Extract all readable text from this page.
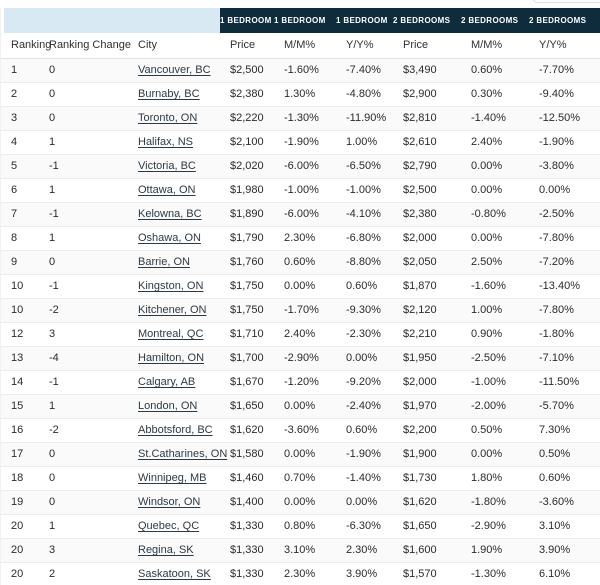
			1 BEDROOM	1 BEDROOM	1 BEDROOM	2 BEDROOMS	2 BEDROOMS	2 BEDROOMS
Ranking	Ranking Change	City	Price	M/M%	Y/Y%	Price	M/M%	Y/Y%
1	0	Vancouver, BC	$2,500	-1.60%	-7.40%	$3,490	0.60%	-7.70%
2	0	Burnaby, BC	$2,380	1.30%	-4.80%	$2,900	0.30%	-9.40%
3	0	Toronto, ON	$2,220	-1.30%	-11.90%	$2,810	-1.40%	-12.50%
4	1	Halifax, NS	$2,100	-1.90%	1.00%	$2,610	2.40%	-1.90%
5	-1	Victoria, BC	$2,020	-6.00%	-6.50%	$2,790	0.00%	-3.80%
6	1	Ottawa, ON	$1,980	-1.00%	-1.00%	$2,500	0.00%	0.00%
7	-1	Kelowna, BC	$1,890	-6.00%	-4.10%	$2,380	-0.80%	-2.50%
8	1	Oshawa, ON	$1,790	2.30%	-6.80%	$2,000	0.00%	-7.80%
9	0	Barrie, ON	$1,760	0.60%	-8.80%	$2,050	2.50%	-7.20%
10	-1	Kingston, ON	$1,750	0.00%	0.60%	$1,870	-1.60%	-13.40%
10	-2	Kitchener, ON	$1,750	-1.70%	-9.30%	$2,120	1.00%	-7.80%
12	3	Montreal, QC	$1,710	2.40%	-2.30%	$2,210	0.90%	-1.80%
13	-4	Hamilton, ON	$1,700	-2.90%	0.00%	$1,950	-2.50%	-7.10%
14	-1	Calgary, AB	$1,670	-1.20%	-9.20%	$2,000	-1.00%	-11.50%
15	1	London, ON	$1,650	0.00%	-2.40%	$1,970	-2.00%	-5.70%
16	-2	Abbotsford, BC	$1,620	-3.60%	0.60%	$2,200	0.50%	7.30%
17	0	St.Catharines, ON	$1,580	0.00%	-1.90%	$1,900	0.00%	0.50%
18	0	Winnipeg, MB	$1,460	0.70%	-1.40%	$1,730	1.80%	0.60%
19	0	Windsor, ON	$1,400	0.00%	0.00%	$1,620	-1.80%	-3.60%
20	1	Quebec, QC	$1,330	0.80%	-6.30%	$1,650	-2.90%	3.10%
20	3	Regina, SK	$1,330	3.10%	2.30%	$1,600	1.90%	3.90%
20	2	Saskatoon, SK	$1,330	2.30%	3.90%	$1,570	-1.30%	6.10%
